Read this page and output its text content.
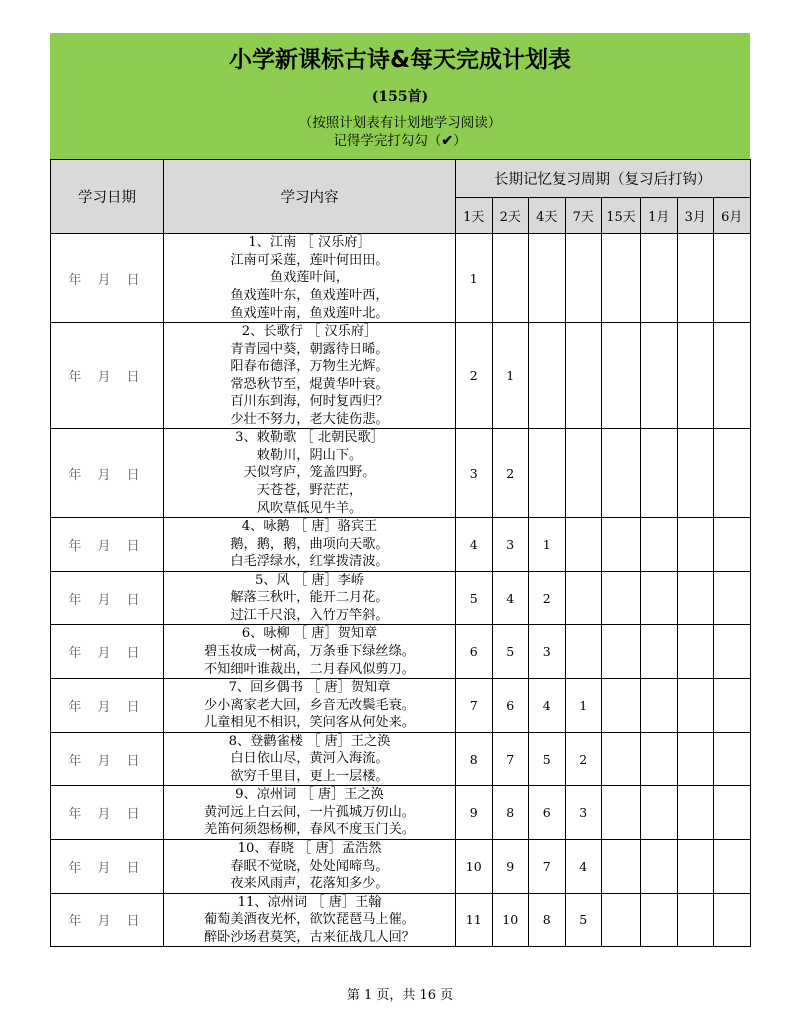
小学新课标古诗&每天完成计划表
(155首)
（按照计划表有计划地学习阅读）
记得学完打勾勾（✔）
学习日期	学习内容	长期记忆复习周期（复习后打钩）							
		1天	2天	4天	7天	15天	1月	3月	6月
年 月 日	1、江南 ［ 汉乐府］
江南可采莲，莲叶何田田。
鱼戏莲叶间，
鱼戏莲叶东，鱼戏莲叶西，
鱼戏莲叶南，鱼戏莲叶北。	1							
年 月 日	
2、长歌行 ［ 汉乐府］
青青园中葵，朝露待日晞。
阳春布德泽，万物生光辉。
常恐秋节至，焜黄华叶衰。
百川东到海，何时复西归？
少壮不努力，老大徒伤悲。
	2	1						
年 月 日	3、敕勒歌 ［ 北朝民歌］
敕勒川，阴山下。
天似穹庐，笼盖四野。
天苍苍，野茫茫，
风吹草低见牛羊。	3	2						
年 月 日	4、咏鹅 ［ 唐］骆宾王
鹅，鹅，鹅，曲项向天歌。
白毛浮绿水，红掌拨清波。	4	3	1					
年 月 日	5、风 ［ 唐］李峤
解落三秋叶，能开二月花。
过江千尺浪，入竹万竿斜。	5	4	2					
年 月 日	6、咏柳 ［ 唐］贺知章
碧玉妆成一树高，万条垂下绿丝绦。
不知细叶谁裁出，二月春风似剪刀。	6	5	3					
年 月 日	7、回乡偶书 ［ 唐］贺知章
少小离家老大回，乡音无改鬓毛衰。
儿童相见不相识，笑问客从何处来。	7	6	4	1				
年 月 日	8、登鹳雀楼 ［ 唐］王之涣
白日依山尽，黄河入海流。
欲穷千里目，更上一层楼。	8	7	5	2				
年 月 日	9、凉州词 ［ 唐］王之涣
黄河远上白云间，一片孤城万仞山。
羌笛何须怨杨柳，春风不度玉门关。	9	8	6	3				
年 月 日	10、春晓 ［ 唐］孟浩然
春眠不觉晓，处处闻啼鸟。
夜来风雨声，花落知多少。	10	9	7	4				
年 月 日	11、凉州词 ［ 唐］王翰
葡萄美酒夜光杯，欲饮琵琶马上催。
醉卧沙场君莫笑，古来征战几人回？	11	10	8	5				
第 1 页，共 16 页
